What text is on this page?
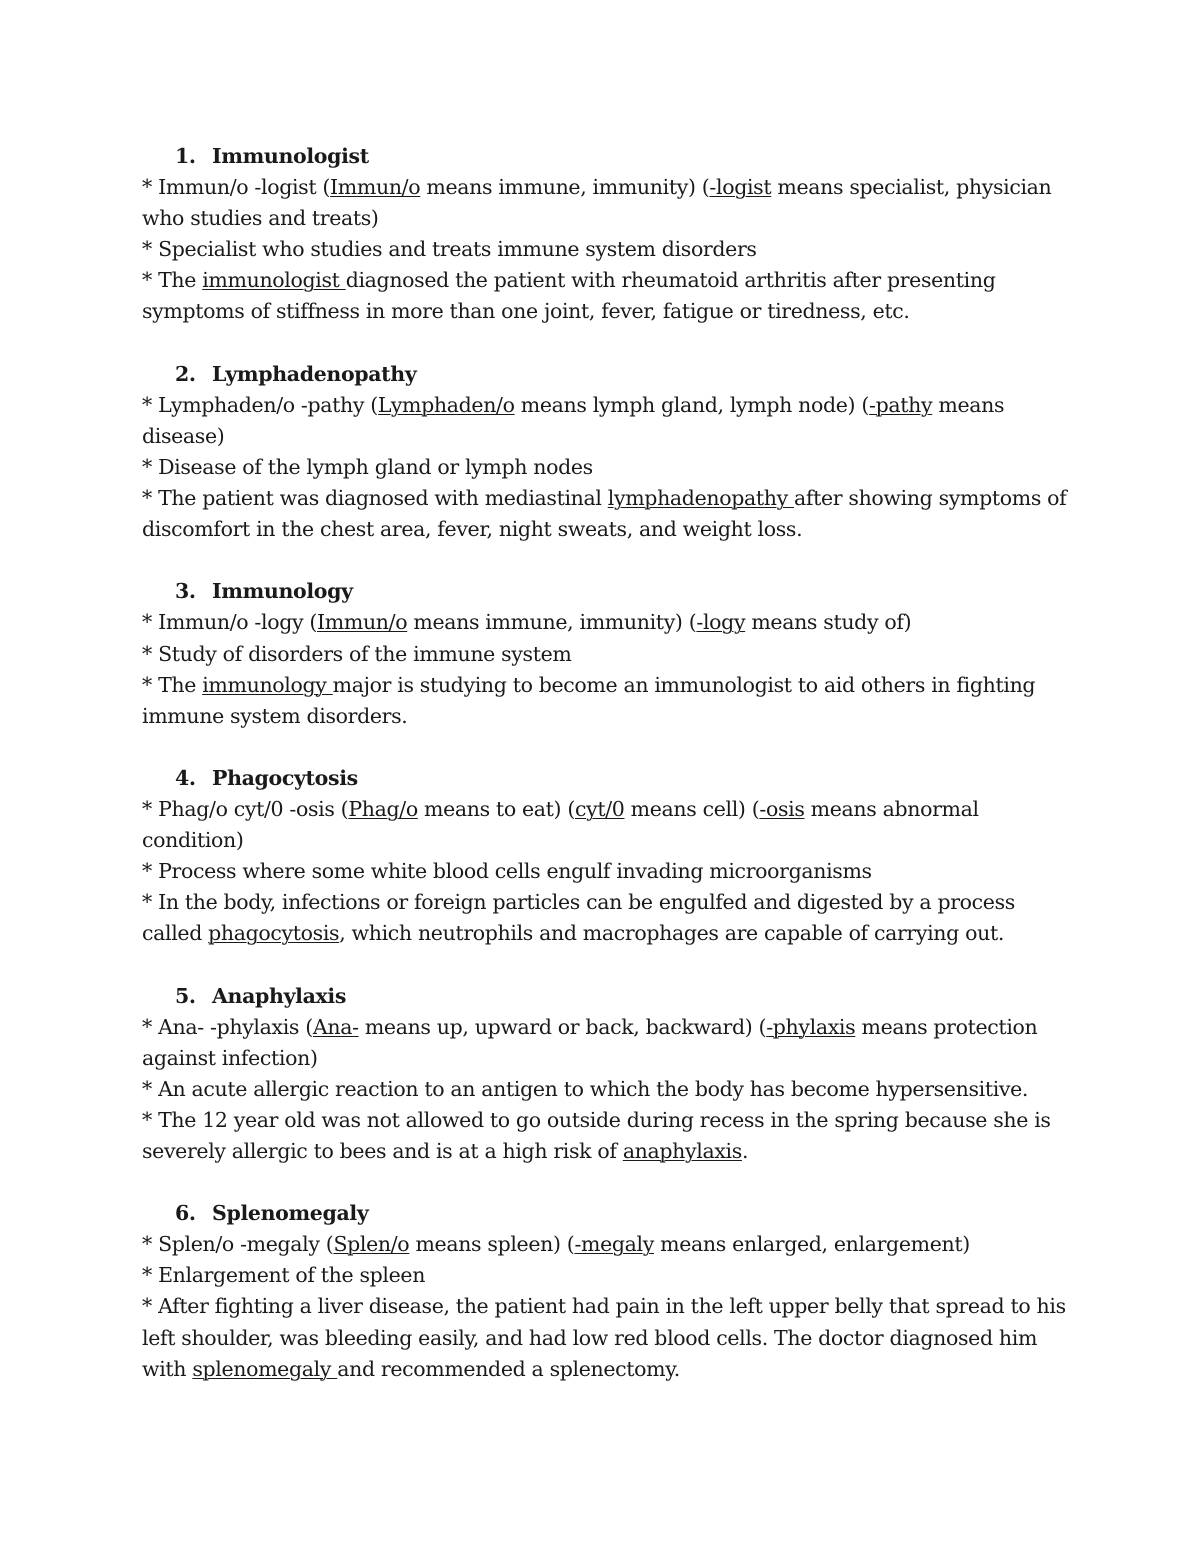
1. Immunologist
* Immun/o -logist (Immun/o means immune, immunity) (-logist means specialist, physician who studies and treats)
* Specialist who studies and treats immune system disorders
* The immunologist diagnosed the patient with rheumatoid arthritis after presenting symptoms of stiffness in more than one joint, fever, fatigue or tiredness, etc.
2. Lymphadenopathy
* Lymphaden/o -pathy (Lymphaden/o means lymph gland, lymph node) (-pathy means disease)
* Disease of the lymph gland or lymph nodes
* The patient was diagnosed with mediastinal lymphadenopathy after showing symptoms of discomfort in the chest area, fever, night sweats, and weight loss.
3. Immunology
* Immun/o -logy (Immun/o means immune, immunity) (-logy means study of)
* Study of disorders of the immune system
* The immunology major is studying to become an immunologist to aid others in fighting immune system disorders.
4. Phagocytosis
* Phag/o cyt/0 -osis (Phag/o means to eat) (cyt/0 means cell) (-osis means abnormal condition)
* Process where some white blood cells engulf invading microorganisms
* In the body, infections or foreign particles can be engulfed and digested by a process called phagocytosis, which neutrophils and macrophages are capable of carrying out.
5. Anaphylaxis
* Ana- -phylaxis (Ana- means up, upward or back, backward) (-phylaxis means protection against infection)
* An acute allergic reaction to an antigen to which the body has become hypersensitive.
* The 12 year old was not allowed to go outside during recess in the spring because she is severely allergic to bees and is at a high risk of anaphylaxis.
6. Splenomegaly
* Splen/o -megaly (Splen/o means spleen) (-megaly means enlarged, enlargement)
* Enlargement of the spleen
* After fighting a liver disease, the patient had pain in the left upper belly that spread to his left shoulder, was bleeding easily, and had low red blood cells. The doctor diagnosed him with splenomegaly and recommended a splenectomy.
